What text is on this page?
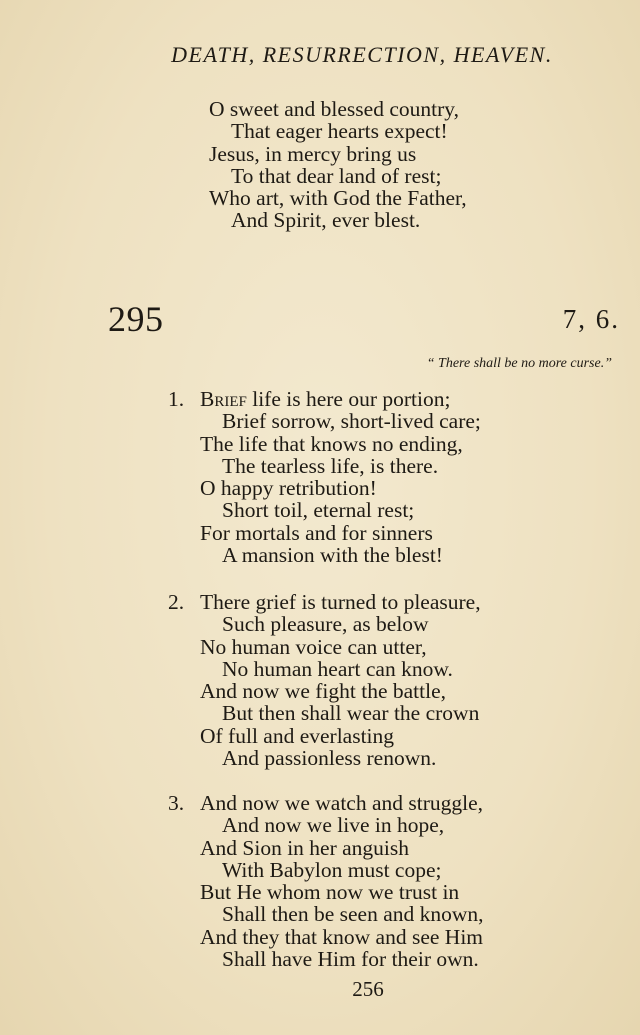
DEATH, RESURRECTION, HEAVEN.
O sweet and blessed country,
That eager hearts expect!
Jesus, in mercy bring us
To that dear land of rest;
Who art, with God the Father,
And Spirit, ever blest.
295	7, 6.
“ There shall be no more curse.”
1. Brief life is here our portion;
Brief sorrow, short-lived care;
The life that knows no ending,
The tearless life, is there.
O happy retribution!
Short toil, eternal rest;
For mortals and for sinners
A mansion with the blest!
2. There grief is turned to pleasure,
Such pleasure, as below
No human voice can utter,
No human heart can know.
And now we fight the battle,
But then shall wear the crown
Of full and everlasting
And passionless renown.
3. And now we watch and struggle,
And now we live in hope,
And Sion in her anguish
With Babylon must cope;
But He whom now we trust in
Shall then be seen and known,
And they that know and see Him
Shall have Him for their own.
256
